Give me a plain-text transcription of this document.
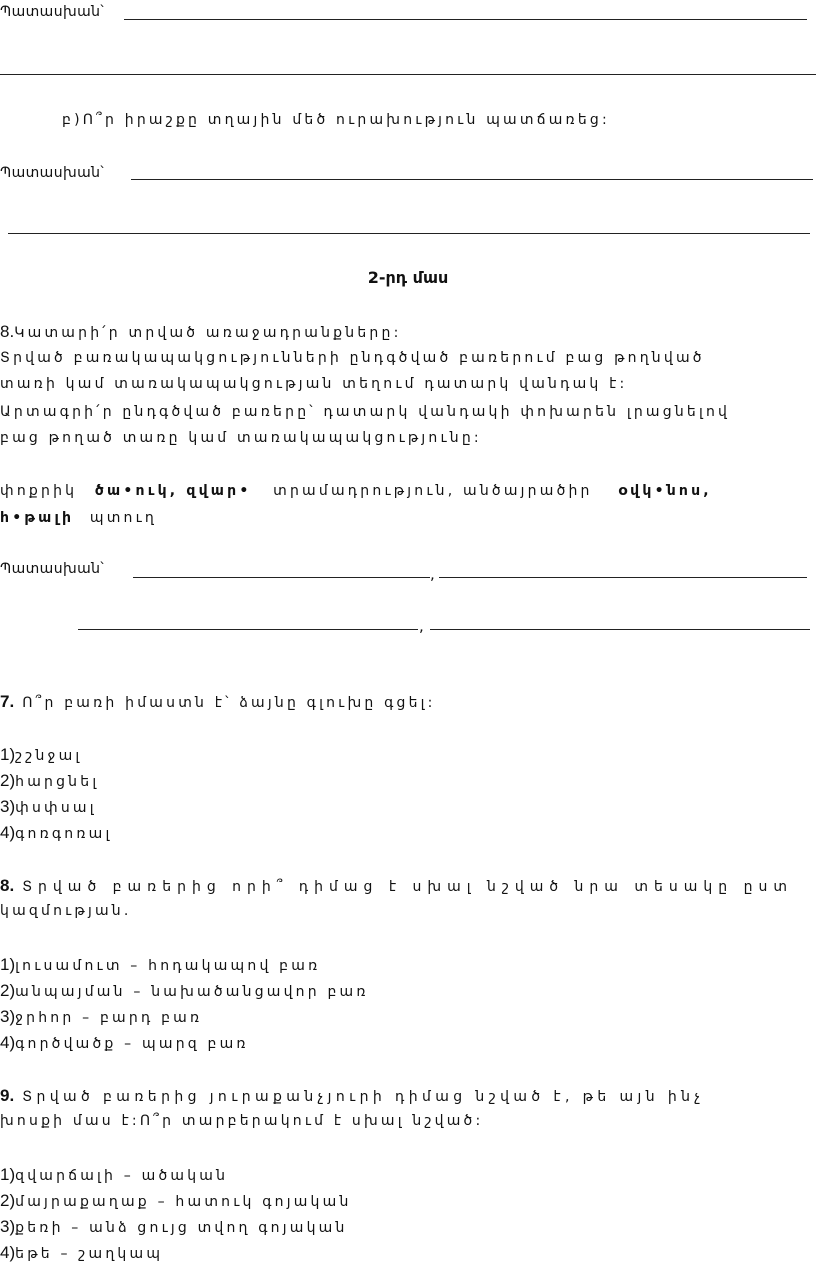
Պատասխան՝
բ)Ո՞ր իրաշքը տղային մեծ ուրախություն պատճառեց:
Պատասխան՝
2-րդ մաս
8.Կատարի՛ր տրված առաջադրանքները:
Տրված բառակապակցությունների ընդգծված բառերում բաց թողնված
տառի կամ տառակապակցության տեղում դատարկ վանդակ է:
Արտագրի՛ր ընդգծված բառերը՝ դատարկ վանդակի փոխարեն լրացնելով
բաց թողած տառը կամ տառակապակցությունը:
փոքրիկ ծա•ուկ, զվար• տրամադրություն, անծայրածիր օվկ•նոս,
հ•թալի պտուղ
Պատասխան՝	,
,
7. Ո՞ր բառի իմաստն է՝ ձայնը գլուխը գցել:
1)շշնջալ
2)հարցնել
3)փսփսալ
4)գոռգոռալ
8. Տրված բառերից որի՞ դիմաց է սխալ նշված նրա տեսակը ըստ
կազմության.
1)լուսամուտ – հոդակապով բառ
2)անպայման – նախածանցավոր բառ
3)ջրհոր – բարդ բառ
4)գործվածք – պարզ բառ
9. Տրված բառերից յուրաքանչյուրի դիմաց նշված է, թե այն ինչ
խոսքի մաս է:Ո՞ր տարբերակում է սխալ նշված:
1)զվարճալի – ածական
2)մայրաքաղաք – հատուկ գոյական
3)քեռի – անձ ցույց տվող գոյական
4)եթե – շաղկապ
